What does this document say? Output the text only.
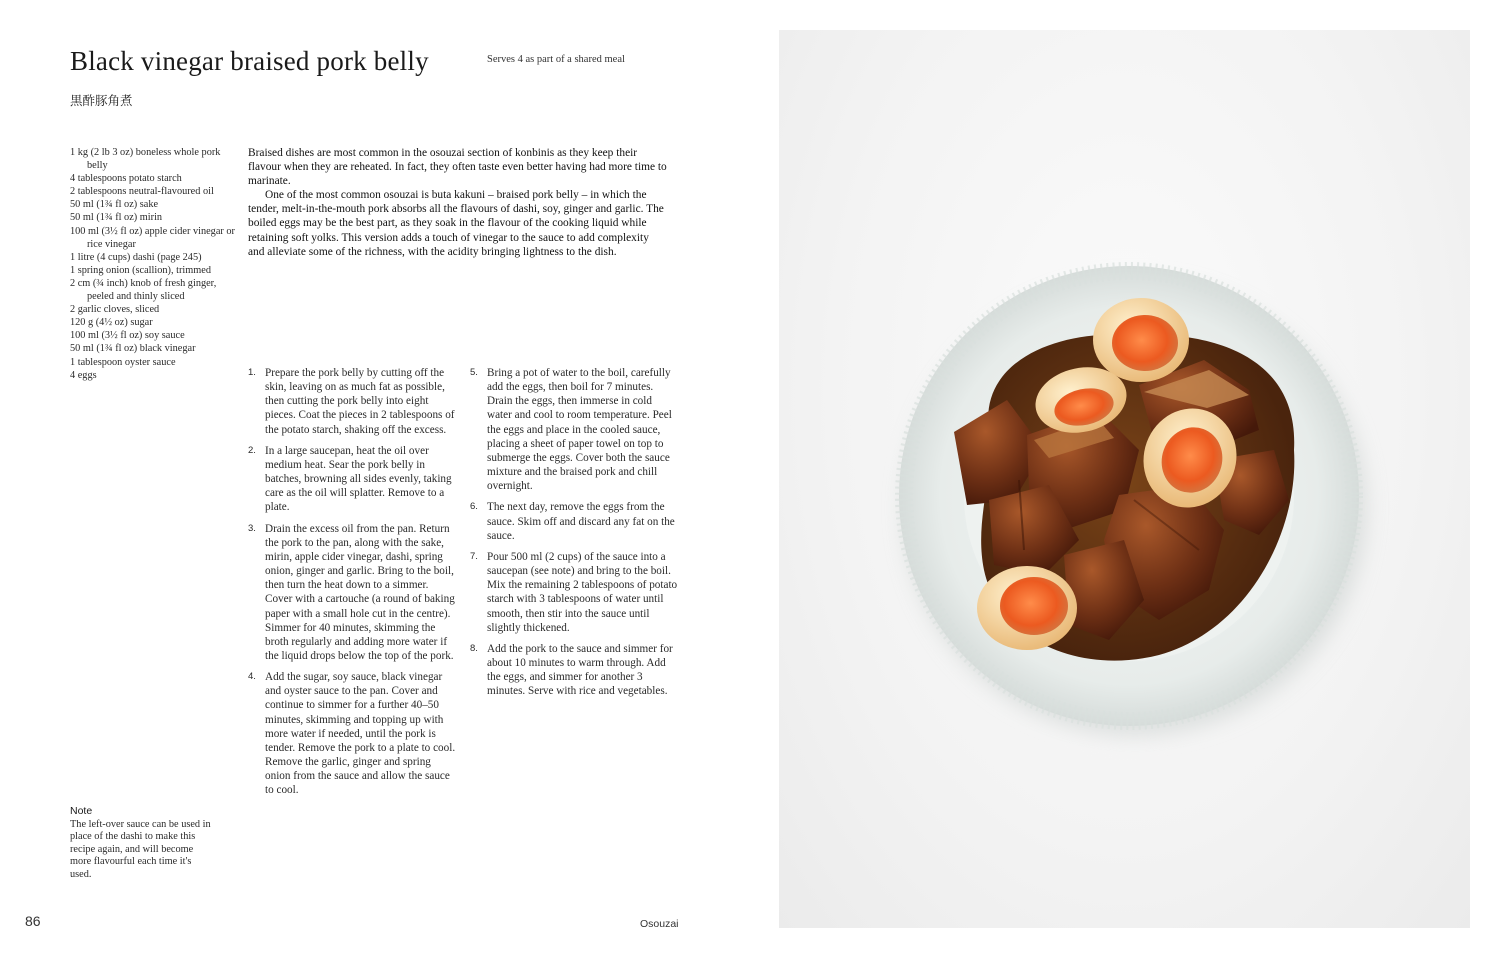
Black vinegar braised pork belly	Serves 4 as part of a shared meal
黒酢豚角煮
1 kg (2 lb 3 oz) boneless whole pork belly
4 tablespoons potato starch
2 tablespoons neutral-flavoured oil
50 ml (1¾ fl oz) sake
50 ml (1¾ fl oz) mirin
100 ml (3½ fl oz) apple cider vinegar or rice vinegar
1 litre (4 cups) dashi (page 245)
1 spring onion (scallion), trimmed
2 cm (¾ inch) knob of fresh ginger, peeled and thinly sliced
2 garlic cloves, sliced
120 g (4½ oz) sugar
100 ml (3½ fl oz) soy sauce
50 ml (1¾ fl oz) black vinegar
1 tablespoon oyster sauce
4 eggs

Braised dishes are most common in the osouzai section of konbinis as they keep their flavour when they are reheated. In fact, they often taste even better having had more time to marinate.

One of the most common osouzai is buta kakuni – braised pork belly – in which the tender, melt-in-the-mouth pork absorbs all the flavours of dashi, soy, ginger and garlic. The boiled eggs may be the best part, as they soak in the flavour of the cooking liquid while retaining soft yolks. This version adds a touch of vinegar to the sauce to add complexity and alleviate some of the richness, with the acidity bringing lightness to the dish.

1. Prepare the pork belly by cutting off the skin, leaving on as much fat as possible, then cutting the pork belly into eight pieces. Coat the pieces in 2 tablespoons of the potato starch, shaking off the excess.
2. In a large saucepan, heat the oil over medium heat. Sear the pork belly in batches, browning all sides evenly, taking care as the oil will splatter. Remove to a plate.
3. Drain the excess oil from the pan. Return the pork to the pan, along with the sake, mirin, apple cider vinegar, dashi, spring onion, ginger and garlic. Bring to the boil, then turn the heat down to a simmer. Cover with a cartouche (a round of baking paper with a small hole cut in the centre). Simmer for 40 minutes, skimming the broth regularly and adding more water if the liquid drops below the top of the pork.
4. Add the sugar, soy sauce, black vinegar and oyster sauce to the pan. Cover and continue to simmer for a further 40–50 minutes, skimming and topping up with more water if needed, until the pork is tender. Remove the pork to a plate to cool. Remove the garlic, ginger and spring onion from the sauce and allow the sauce to cool.
5. Bring a pot of water to the boil, carefully add the eggs, then boil for 7 minutes. Drain the eggs, then immerse in cold water and cool to room temperature. Peel the eggs and place in the cooled sauce, placing a sheet of paper towel on top to submerge the eggs. Cover both the sauce mixture and the braised pork and chill overnight.
6. The next day, remove the eggs from the sauce. Skim off and discard any fat on the sauce.
7. Pour 500 ml (2 cups) of the sauce into a saucepan (see note) and bring to the boil. Mix the remaining 2 tablespoons of potato starch with 3 tablespoons of water until smooth, then stir into the sauce until slightly thickened.
8. Add the pork to the sauce and simmer for about 10 minutes to warm through. Add the eggs, and simmer for another 3 minutes. Serve with rice and vegetables.
Note
The left-over sauce can be used in place of the dashi to make this recipe again, and will become more flavourful each time it's used.
86	Osouzai
